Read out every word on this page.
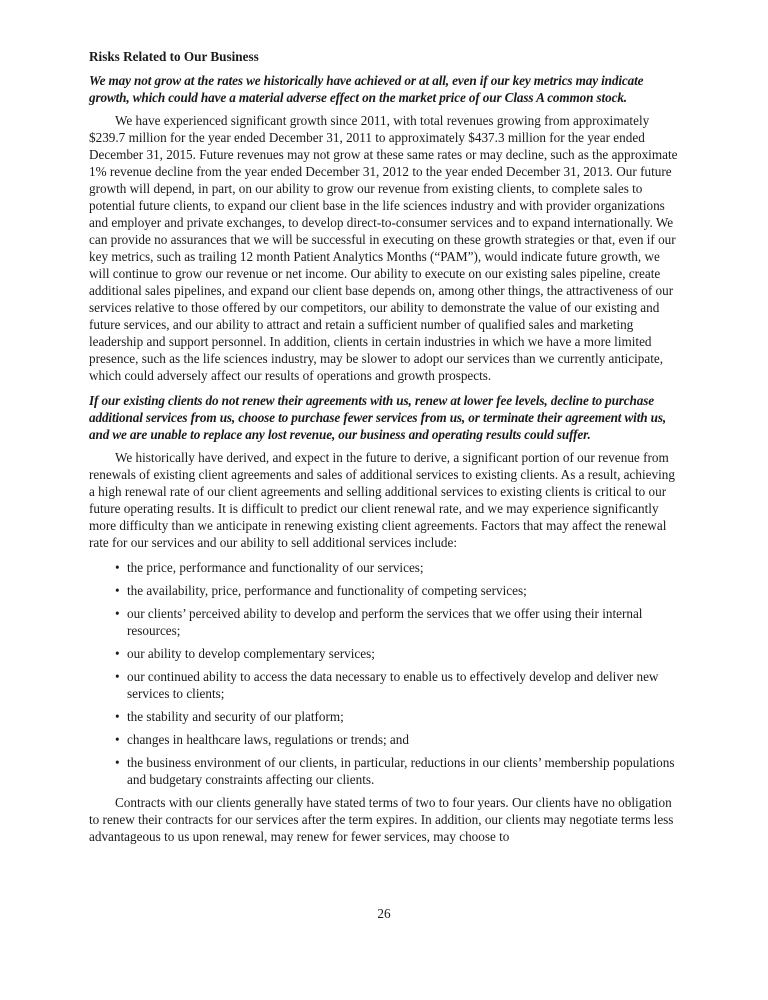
Risks Related to Our Business
We may not grow at the rates we historically have achieved or at all, even if our key metrics may indicate growth, which could have a material adverse effect on the market price of our Class A common stock.

We have experienced significant growth since 2011, with total revenues growing from approximately $239.7 million for the year ended December 31, 2011 to approximately $437.3 million for the year ended December 31, 2015. Future revenues may not grow at these same rates or may decline, such as the approximate 1% revenue decline from the year ended December 31, 2012 to the year ended December 31, 2013. Our future growth will depend, in part, on our ability to grow our revenue from existing clients, to complete sales to potential future clients, to expand our client base in the life sciences industry and with provider organizations and employer and private exchanges, to develop direct-to-consumer services and to expand internationally. We can provide no assurances that we will be successful in executing on these growth strategies or that, even if our key metrics, such as trailing 12 month Patient Analytics Months (“PAM”), would indicate future growth, we will continue to grow our revenue or net income. Our ability to execute on our existing sales pipeline, create additional sales pipelines, and expand our client base depends on, among other things, the attractiveness of our services relative to those offered by our competitors, our ability to demonstrate the value of our existing and future services, and our ability to attract and retain a sufficient number of qualified sales and marketing leadership and support personnel. In addition, clients in certain industries in which we have a more limited presence, such as the life sciences industry, may be slower to adopt our services than we currently anticipate, which could adversely affect our results of operations and growth prospects.

If our existing clients do not renew their agreements with us, renew at lower fee levels, decline to purchase additional services from us, choose to purchase fewer services from us, or terminate their agreement with us, and we are unable to replace any lost revenue, our business and operating results could suffer.

We historically have derived, and expect in the future to derive, a significant portion of our revenue from renewals of existing client agreements and sales of additional services to existing clients. As a result, achieving a high renewal rate of our client agreements and selling additional services to existing clients is critical to our future operating results. It is difficult to predict our client renewal rate, and we may experience significantly more difficulty than we anticipate in renewing existing client agreements. Factors that may affect the renewal rate for our services and our ability to sell additional services include:

• the price, performance and functionality of our services;
• the availability, price, performance and functionality of competing services;
• our clients’ perceived ability to develop and perform the services that we offer using their internal resources;
• our ability to develop complementary services;
• our continued ability to access the data necessary to enable us to effectively develop and deliver new services to clients;
• the stability and security of our platform;
• changes in healthcare laws, regulations or trends; and
• the business environment of our clients, in particular, reductions in our clients’ membership populations and budgetary constraints affecting our clients.

Contracts with our clients generally have stated terms of two to four years. Our clients have no obligation to renew their contracts for our services after the term expires. In addition, our clients may negotiate terms less advantageous to us upon renewal, may renew for fewer services, may choose to

26
